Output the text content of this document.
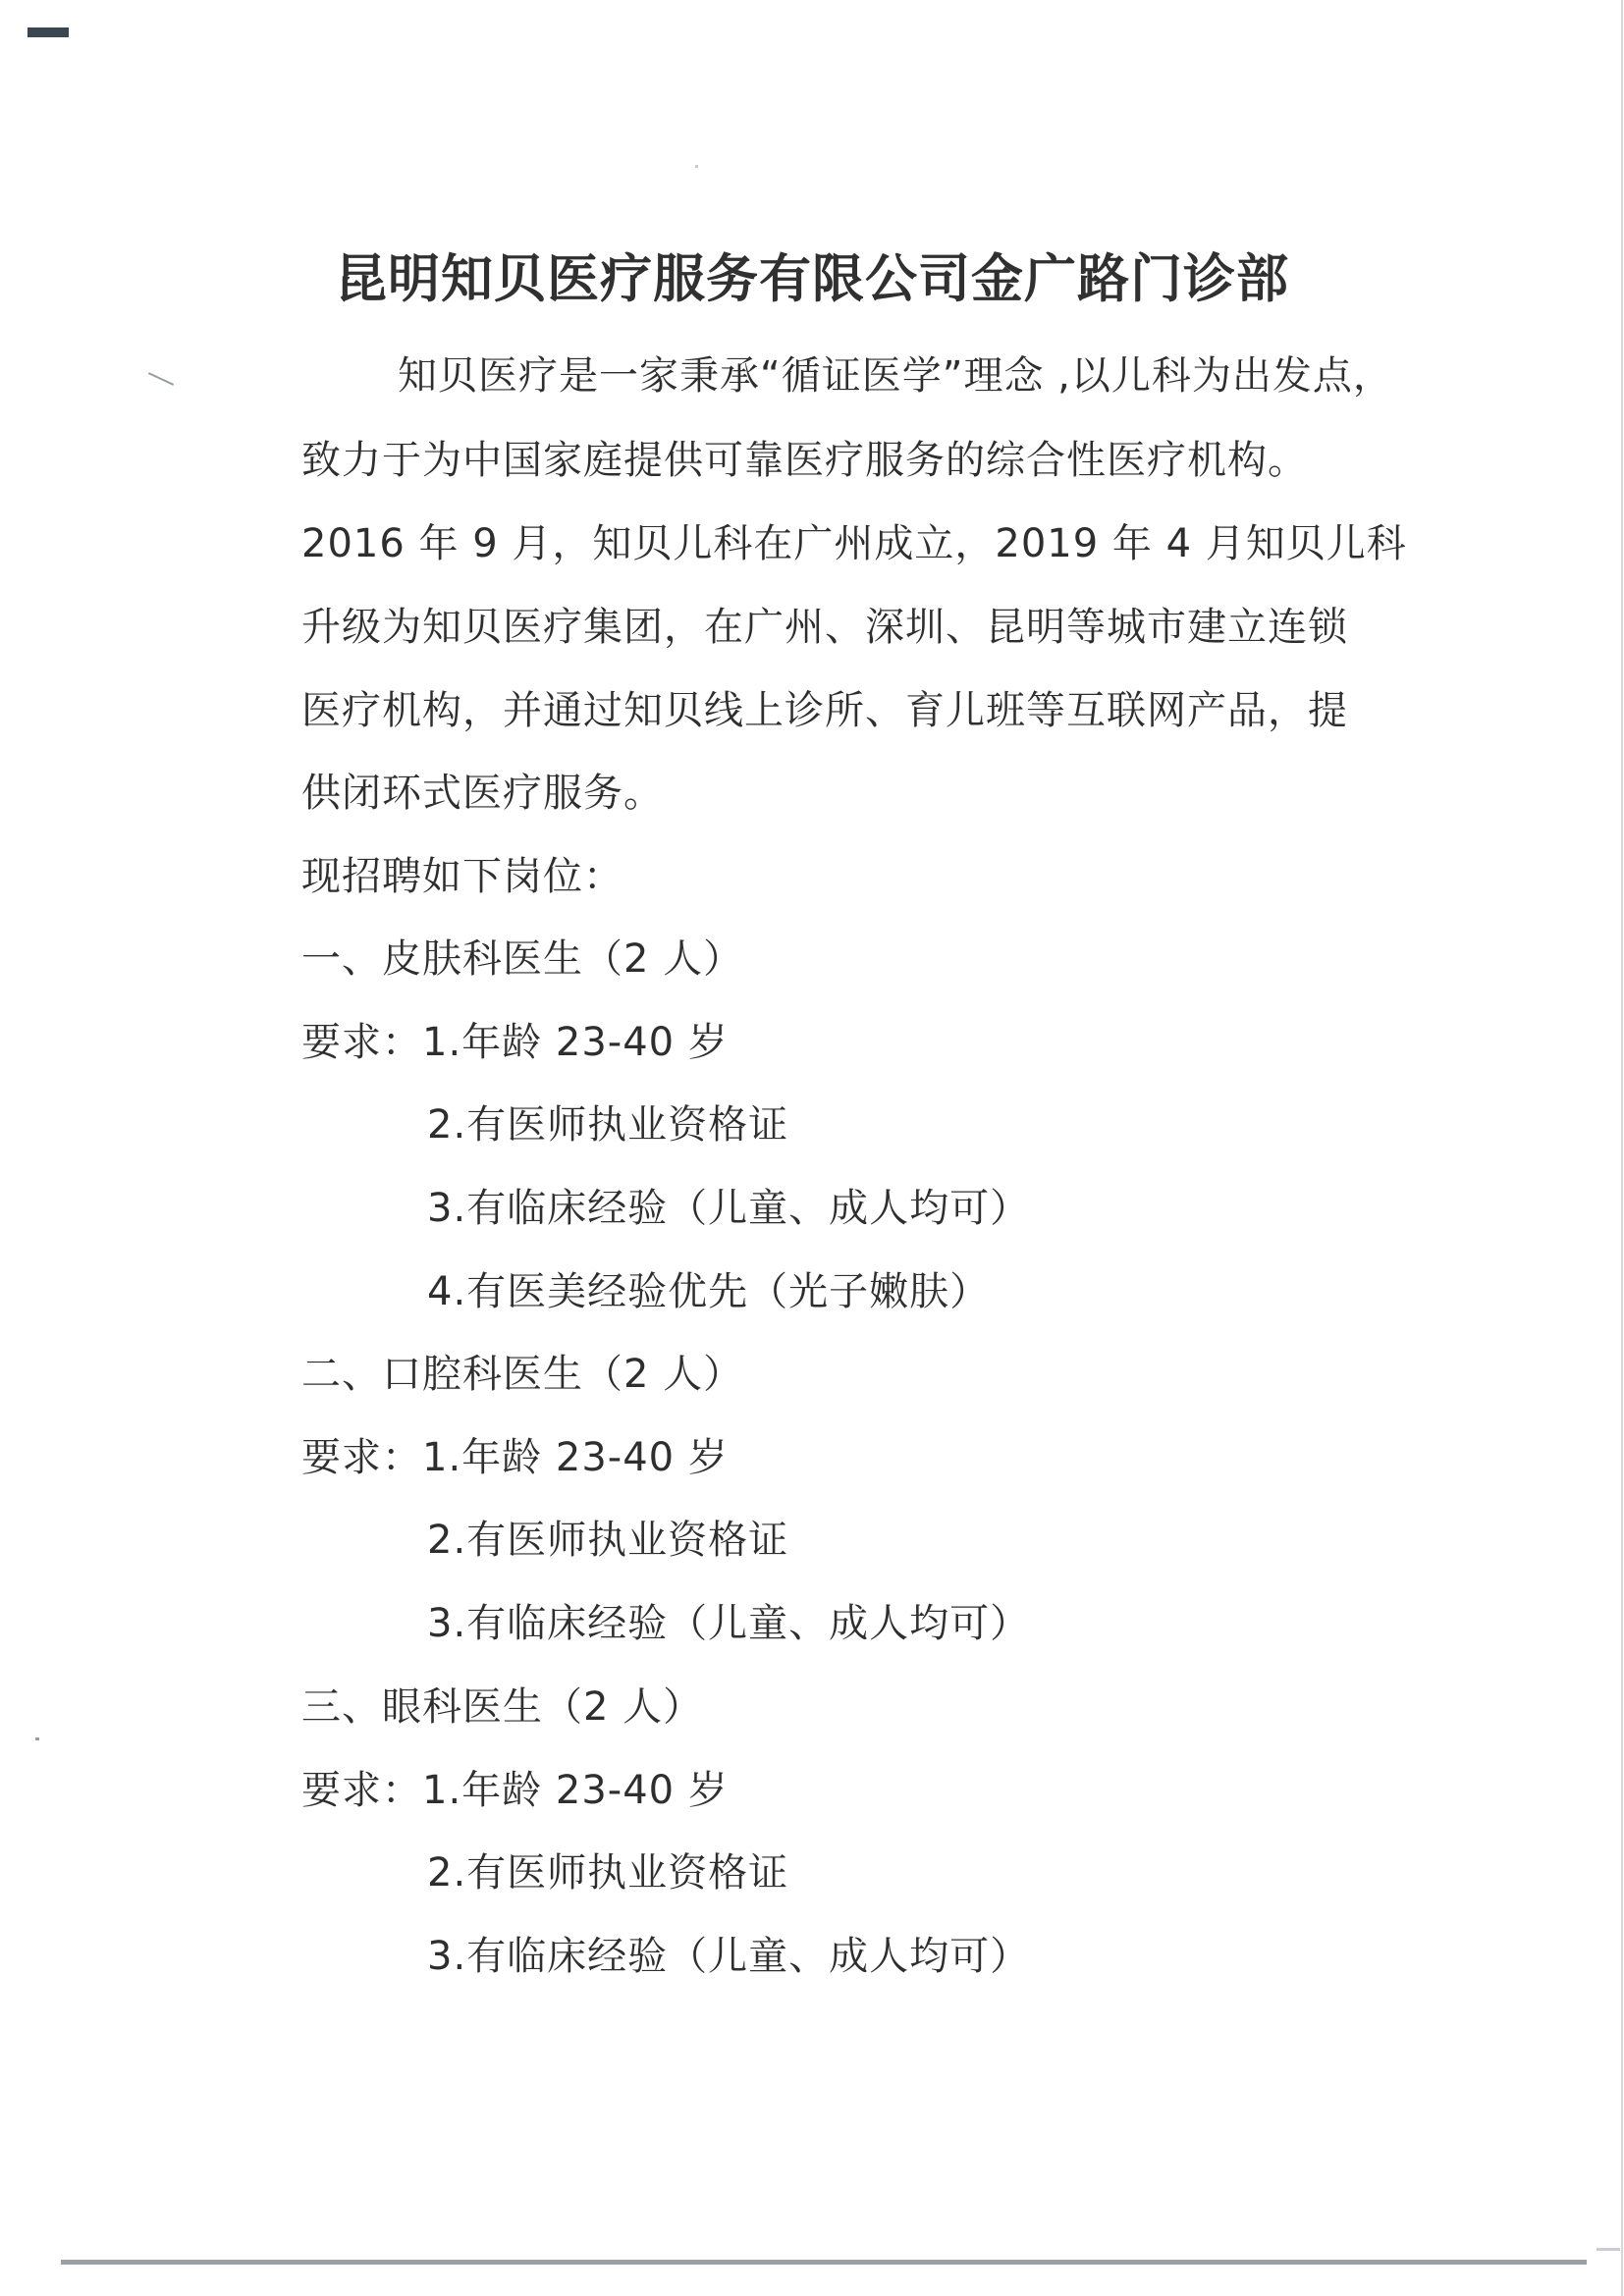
昆明知贝医疗服务有限公司金广路门诊部
知贝医疗是一家秉承“循证医学”理念 ,以儿科为出发点，
致力于为中国家庭提供可靠医疗服务的综合性医疗机构。
2016 年 9 月，知贝儿科在广州成立，2019 年 4 月知贝儿科
升级为知贝医疗集团，在广州、深圳、昆明等城市建立连锁
医疗机构，并通过知贝线上诊所、育儿班等互联网产品，提
供闭环式医疗服务。
现招聘如下岗位：
一、皮肤科医生（2 人）
要求：1.年龄 23-40 岁
2.有医师执业资格证
3.有临床经验（儿童、成人均可）
4.有医美经验优先（光子嫩肤）
二、口腔科医生（2 人）
要求：1.年龄 23-40 岁
2.有医师执业资格证
3.有临床经验（儿童、成人均可）
三、眼科医生（2 人）
要求：1.年龄 23-40 岁
2.有医师执业资格证
3.有临床经验（儿童、成人均可）
